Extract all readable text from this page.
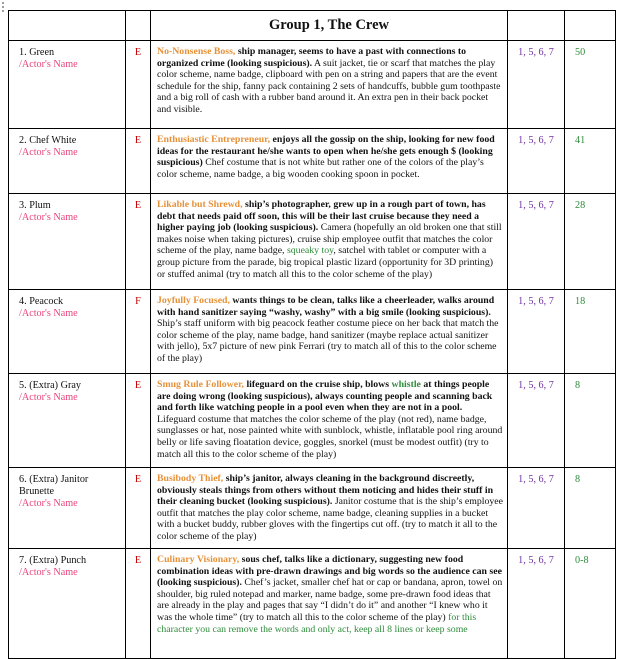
		Group 1, The Crew		
1. Green
/Actor's Name	E	No-Nonsense Boss, ship manager, seems to have a past with connections to organized crime (looking suspicious). A suit jacket, tie or scarf that matches the play color scheme, name badge, clipboard with pen on a string and papers that are the event schedule for the ship, fanny pack containing 2 sets of handcuffs, bubble gum toothpaste and a big roll of cash with a rubber band around it. An extra pen in their back pocket and visible.	1, 5, 6, 7	50
2. Chef White
/Actor's Name	E	Enthusiastic Entrepreneur, enjoys all the gossip on the ship, looking for new food ideas for the restaurant he/she wants to open when he/she gets enough $ (looking suspicious) Chef costume that is not white but rather one of the colors of the play’s color scheme, name badge, a big wooden cooking spoon in pocket.	1, 5, 6, 7	41
3. Plum
/Actor's Name	E	Likable but Shrewd, ship’s photographer, grew up in a rough part of town, has debt that needs paid off soon, this will be their last cruise because they need a higher paying job (looking suspicious). Camera (hopefully an old broken one that still makes noise when taking pictures), cruise ship employee outfit that matches the color scheme of the play, name badge, squeaky toy, satchel with tablet or computer with a group picture from the parade, big tropical plastic lizard (opportunity for 3D printing) or stuffed animal (try to match all this to the color scheme of the play)	1, 5, 6, 7	28
4. Peacock
/Actor's Name	F	Joyfully Focused, wants things to be clean, talks like a cheerleader, walks around with hand sanitizer saying “washy, washy” with a big smile (looking suspicious). Ship’s staff uniform with big peacock feather costume piece on her back that match the color scheme of the play, name badge, hand sanitizer (maybe replace actual sanitizer with jello), 5x7 picture of new pink Ferrari (try to match all of this to the color scheme of the play)	1, 5, 6, 7	18
5. (Extra) Gray
/Actor's Name	E	Smug Rule Follower, lifeguard on the cruise ship, blows whistle at things people are doing wrong (looking suspicious), always counting people and scanning back and forth like watching people in a pool even when they are not in a pool. Lifeguard costume that matches the color scheme of the play (not red), name badge, sunglasses or hat, nose painted white with sunblock, whistle, inflatable pool ring around belly or life saving floatation device, goggles, snorkel (must be modest outfit) (try to match all this to the color scheme of the play)	1, 5, 6, 7	8
6. (Extra) Janitor Brunette
/Actor's Name	E	Busibody Thief, ship’s janitor, always cleaning in the background discreetly, obviously steals things from others without them noticing and hides their stuff in their cleaning bucket (looking suspicious). Janitor costume that is the ship’s employee outfit that matches the play color scheme, name badge, cleaning supplies in a bucket with a bucket buddy, rubber gloves with the fingertips cut off. (try to match it all to the color scheme of the play)	1, 5, 6, 7	8
7. (Extra) Punch
/Actor's Name	E	Culinary Visionary, sous chef, talks like a dictionary, suggesting new food combination ideas with pre-drawn drawings and big words so the audience can see (looking suspicious). Chef’s jacket, smaller chef hat or cap or bandana, apron, towel on shoulder, big ruled notepad and marker, name badge, some pre-drawn food ideas that are already in the play and pages that say “I didn’t do it” and another “I knew who it was the whole time” (try to match all this to the color scheme of the play) for this character you can remove the words and only act, keep all 8 lines or keep some	1, 5, 6, 7	0-8
